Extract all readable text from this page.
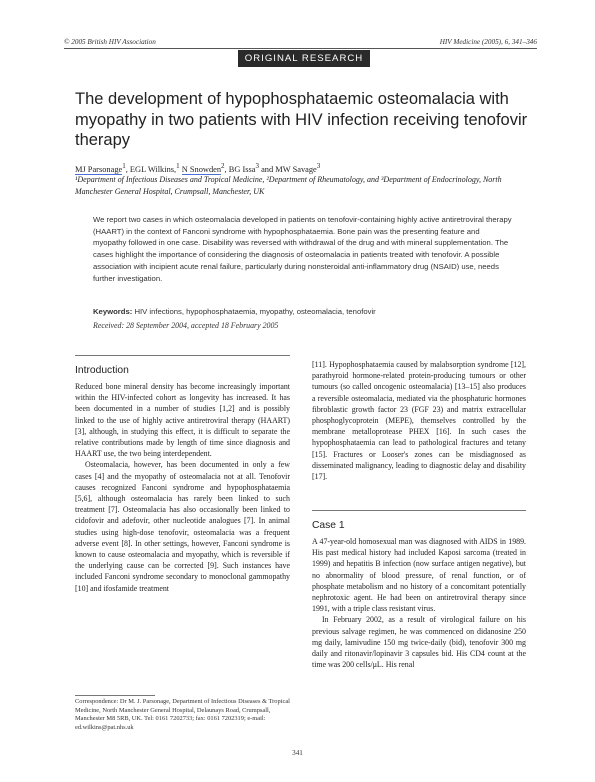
© 2005 British HIV Association	HIV Medicine (2005), 6, 341–346
ORIGINAL RESEARCH
The development of hypophosphataemic osteomalacia with myopathy in two patients with HIV infection receiving tenofovir therapy
MJ Parsonage$^1$, EGL Wilkins,$^1$ N Snowden$^2$, BG Issa$^3$ and MW Savage$^3$
¹Department of Infectious Diseases and Tropical Medicine, ²Department of Rheumatology, and ³Department of Endocrinology, North Manchester General Hospital, Crumpsall, Manchester, UK
We report two cases in which osteomalacia developed in patients on tenofovir-containing highly active antiretroviral therapy (HAART) in the context of Fanconi syndrome with hypophosphataemia. Bone pain was the presenting feature and myopathy followed in one case. Disability was reversed with withdrawal of the drug and with mineral supplementation. The cases highlight the importance of considering the diagnosis of osteomalacia in patients treated with tenofovir. A possible association with incipient acute renal failure, particularly during nonsteroidal anti-inflammatory drug (NSAID) use, needs further investigation.
Keywords: HIV infections, hypophosphataemia, myopathy, osteomalacia, tenofovir
Received: 28 September 2004, accepted 18 February 2005
Introduction

Reduced bone mineral density has become increasingly important within the HIV-infected cohort as longevity has increased. It has been documented in a number of studies [1,2] and is possibly linked to the use of highly active antiretroviral therapy (HAART) [3], although, in studying this effect, it is difficult to separate the relative contributions made by length of time since diagnosis and HAART use, the two being interdependent.

Osteomalacia, however, has been documented in only a few cases [4] and the myopathy of osteomalacia not at all. Tenofovir causes recognized Fanconi syndrome and hypophosphataemia [5,6], although osteomalacia has rarely been linked to such treatment [7]. Osteomalacia has also occasionally been linked to cidofovir and adefovir, other nucleotide analogues [7]. In animal studies using high-dose tenofovir, osteomalacia was a frequent adverse event [8]. In other settings, however, Fanconi syndrome is known to cause osteomalacia and myopathy, which is reversible if the underlying cause can be corrected [9]. Such instances have included Fanconi syndrome secondary to monoclonal gammopathy [10] and ifosfamide treatment

[11]. Hypophosphataemia caused by malabsorption syndrome [12], parathyroid hormone-related protein-producing tumours or other tumours (so called oncogenic osteomalacia) [13–15] also produces a reversible osteomalacia, mediated via the phosphaturic hormones fibroblastic growth factor 23 (FGF 23) and matrix extracellular phosphoglycoprotein (MEPE), themselves controlled by the membrane metalloprotease PHEX [16]. In such cases the hypophosphataemia can lead to pathological fractures and tetany [15]. Fractures or Looser's zones can be misdiagnosed as disseminated malignancy, leading to diagnostic delay and disability [17].

Case 1

A 47-year-old homosexual man was diagnosed with AIDS in 1989. His past medical history had included Kaposi sarcoma (treated in 1999) and hepatitis B infection (now surface antigen negative), but no abnormality of blood pressure, of renal function, or of phosphate metabolism and no history of a concomitant potentially nephrotoxic agent. He had been on antiretroviral therapy since 1991, with a triple class resistant virus.

In February 2002, as a result of virological failure on his previous salvage regimen, he was commenced on didanosine 250 mg daily, lamivudine 150 mg twice-daily (bid), tenofovir 300 mg daily and ritonavir/lopinavir 3 capsules bid. His CD4 count at the time was 200 cells/μL. His renal

Correspondence: Dr M. J. Parsonage, Department of Infectious Diseases & Tropical Medicine, North Manchester General Hospital, Delaunays Road, Crumpsall, Manchester M8 5RB, UK. Tel: 0161 7202733; fax: 0161 7202319; e-mail: ed.wilkins@pat.nhs.uk
341
